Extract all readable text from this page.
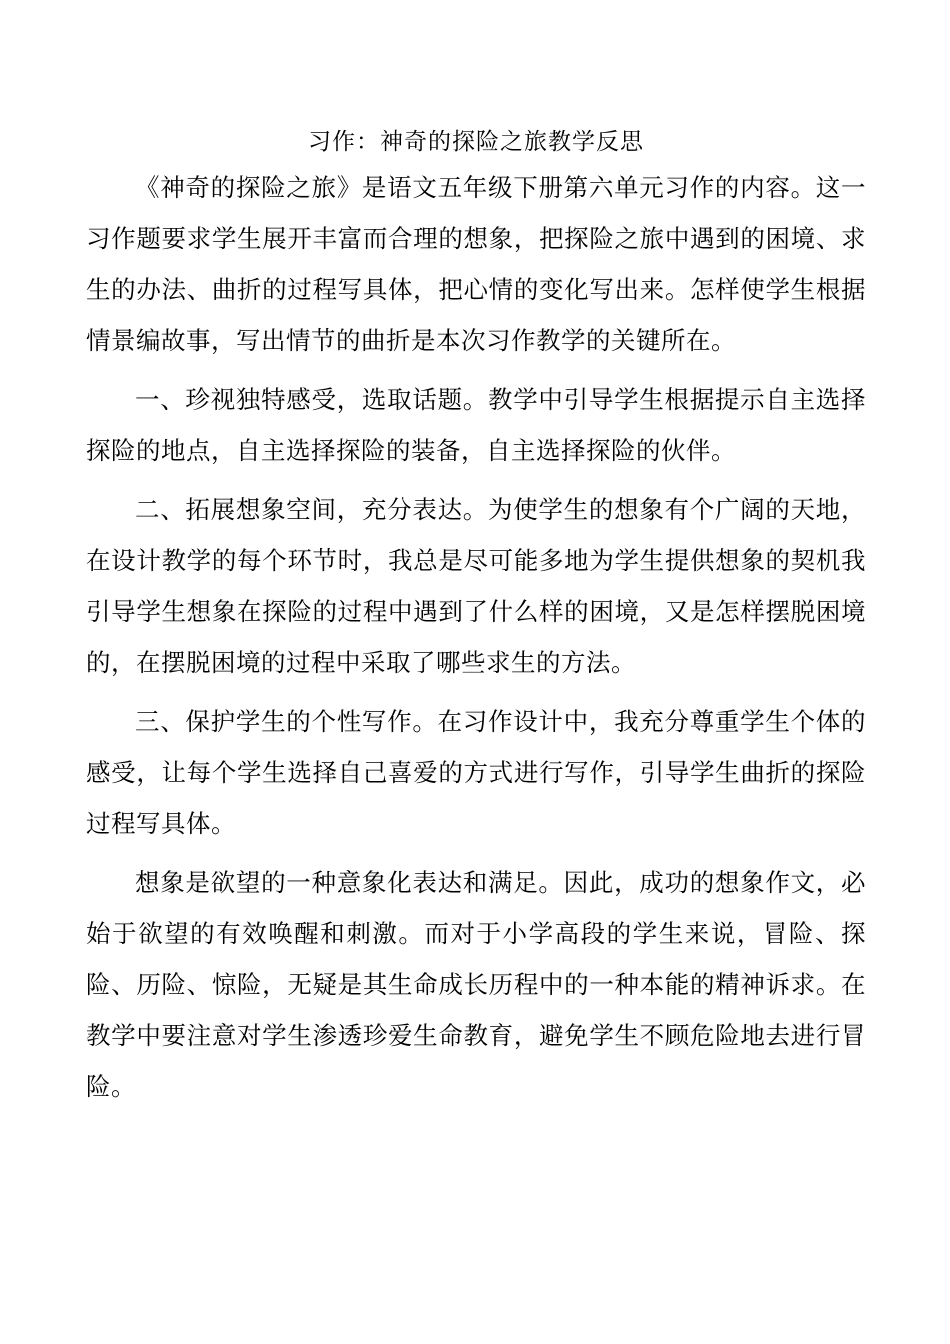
习作：神奇的探险之旅教学反思

《神奇的探险之旅》是语文五年级下册第六单元习作的内容。这一习作题要求学生展开丰富而合理的想象，把探险之旅中遇到的困境、求生的办法、曲折的过程写具体，把心情的变化写出来。怎样使学生根据情景编故事，写出情节的曲折是本次习作教学的关键所在。

一、珍视独特感受，选取话题。教学中引导学生根据提示自主选择探险的地点，自主选择探险的装备，自主选择探险的伙伴。

二、拓展想象空间，充分表达。为使学生的想象有个广阔的天地，在设计教学的每个环节时，我总是尽可能多地为学生提供想象的契机我引导学生想象在探险的过程中遇到了什么样的困境，又是怎样摆脱困境的，在摆脱困境的过程中采取了哪些求生的方法。

三、保护学生的个性写作。在习作设计中，我充分尊重学生个体的感受，让每个学生选择自己喜爱的方式进行写作，引导学生曲折的探险过程写具体。

想象是欲望的一种意象化表达和满足。因此，成功的想象作文，必始于欲望的有效唤醒和刺激。而对于小学高段的学生来说，冒险、探险、历险、惊险，无疑是其生命成长历程中的一种本能的精神诉求。在教学中要注意对学生渗透珍爱生命教育，避免学生不顾危险地去进行冒险。
